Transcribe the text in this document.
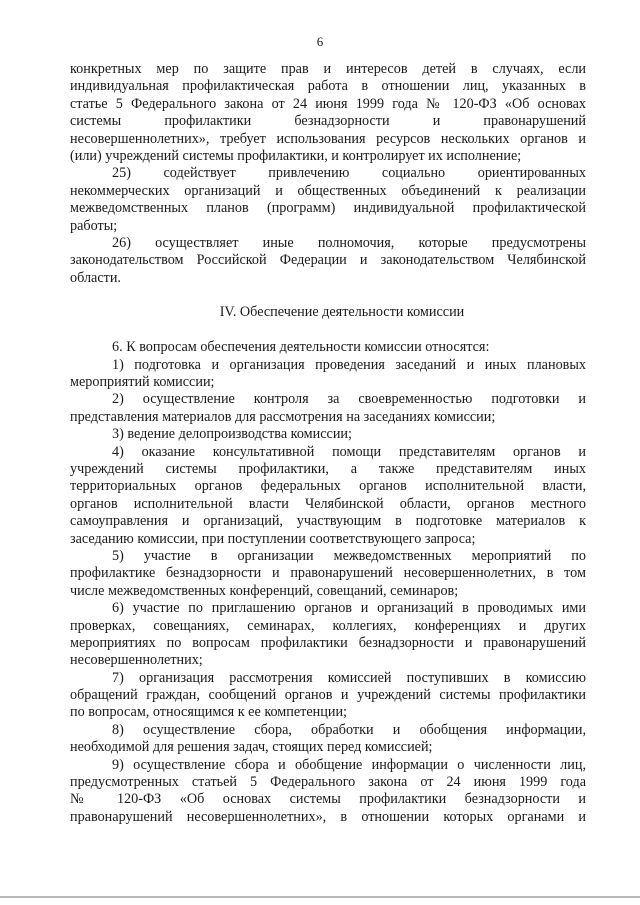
6
конкретных мер по защите прав и интересов детей в случаях, если
индивидуальная профилактическая работа в отношении лиц, указанных в
статье 5 Федерального закона от 24 июня 1999 года № 120-ФЗ «Об основах
системы профилактики безнадзорности и правонарушений
несовершеннолетних», требует использования ресурсов нескольких органов и
(или) учреждений системы профилактики, и контролирует их исполнение;
25) содействует привлечению социально ориентированных
некоммерческих организаций и общественных объединений к реализации
межведомственных планов (программ) индивидуальной профилактической
работы;
26) осуществляет иные полномочия, которые предусмотрены
законодательством Российской Федерации и законодательством Челябинской
области.
IV. Обеспечение деятельности комиссии
6. К вопросам обеспечения деятельности комиссии относятся:
1) подготовка и организация проведения заседаний и иных плановых
мероприятий комиссии;
2) осуществление контроля за своевременностью подготовки и
представления материалов для рассмотрения на заседаниях комиссии;
3) ведение делопроизводства комиссии;
4) оказание консультативной помощи представителям органов и
учреждений системы профилактики, а также представителям иных
территориальных органов федеральных органов исполнительной власти,
органов исполнительной власти Челябинской области, органов местного
самоуправления и организаций, участвующим в подготовке материалов к
заседанию комиссии, при поступлении соответствующего запроса;
5) участие в организации межведомственных мероприятий по
профилактике безнадзорности и правонарушений несовершеннолетних, в том
числе межведомственных конференций, совещаний, семинаров;
6) участие по приглашению органов и организаций в проводимых ими
проверках, совещаниях, семинарах, коллегиях, конференциях и других
мероприятиях по вопросам профилактики безнадзорности и правонарушений
несовершеннолетних;
7) организация рассмотрения комиссией поступивших в комиссию
обращений граждан, сообщений органов и учреждений системы профилактики
по вопросам, относящимся к ее компетенции;
8) осуществление сбора, обработки и обобщения информации,
необходимой для решения задач, стоящих перед комиссией;
9) осуществление сбора и обобщение информации о численности лиц,
предусмотренных статьей 5 Федерального закона от 24 июня 1999 года
№ 120-ФЗ «Об основах системы профилактики безнадзорности и
правонарушений несовершеннолетних», в отношении которых органами и
